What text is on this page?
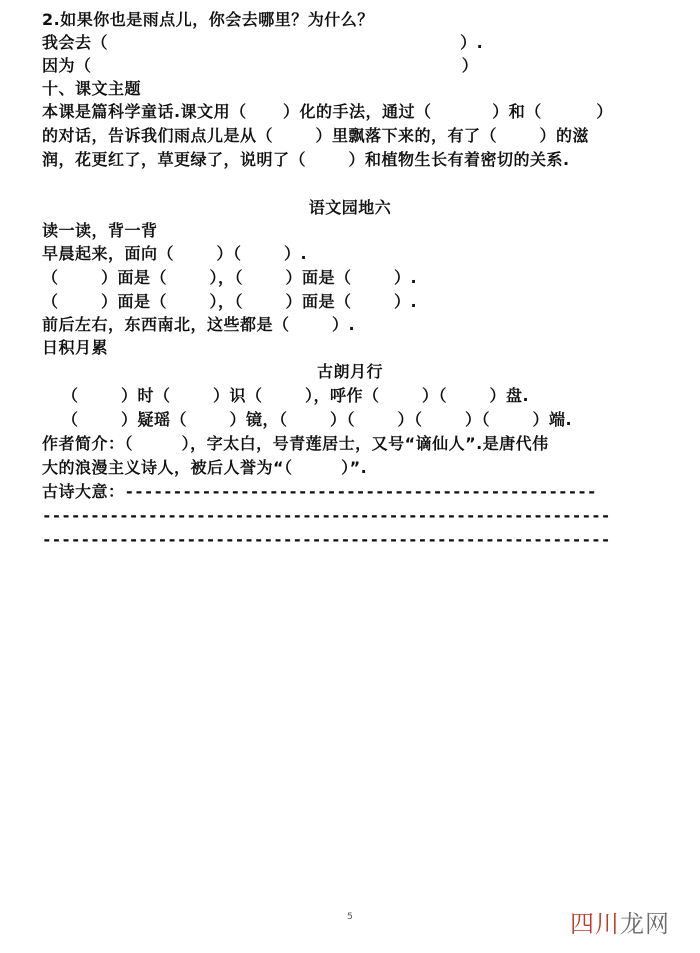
2.如果你也是雨点儿，你会去哪里？为什么？
我会去（                                                          ）.
因为（                                                             ）
十、课文主题
本课是篇科学童话.课文用（      ）化的手法，通过（          ）和（         ）
的对话，告诉我们雨点儿是从（       ）里飘落下来的，有了（       ）的滋
润，花更红了，草更绿了，说明了（       ）和植物生长有着密切的关系.
语文园地六
读一读，背一背
早晨起来，面向（       ）（       ）.
（       ）面是（       ），（       ）面是（       ）.
（       ）面是（       ），（       ）面是（       ）.
前后左右，东西南北，这些都是（       ）.
日积月累
古朗月行
（       ）时（       ）识（       ），呼作（       ）（       ）盘.
（       ）疑瑶（       ）镜，（       ）（       ）（       ）（       ）端.
作者简介：（        ），字太白，号青莲居士，又号“谪仙人”.是唐代伟
大的浪漫主义诗人，被后人誉为“（        ）”.
古诗大意：-------------------------------------------------
-----------------------------------------------------------
-----------------------------------------------------------
5	四川龙网
